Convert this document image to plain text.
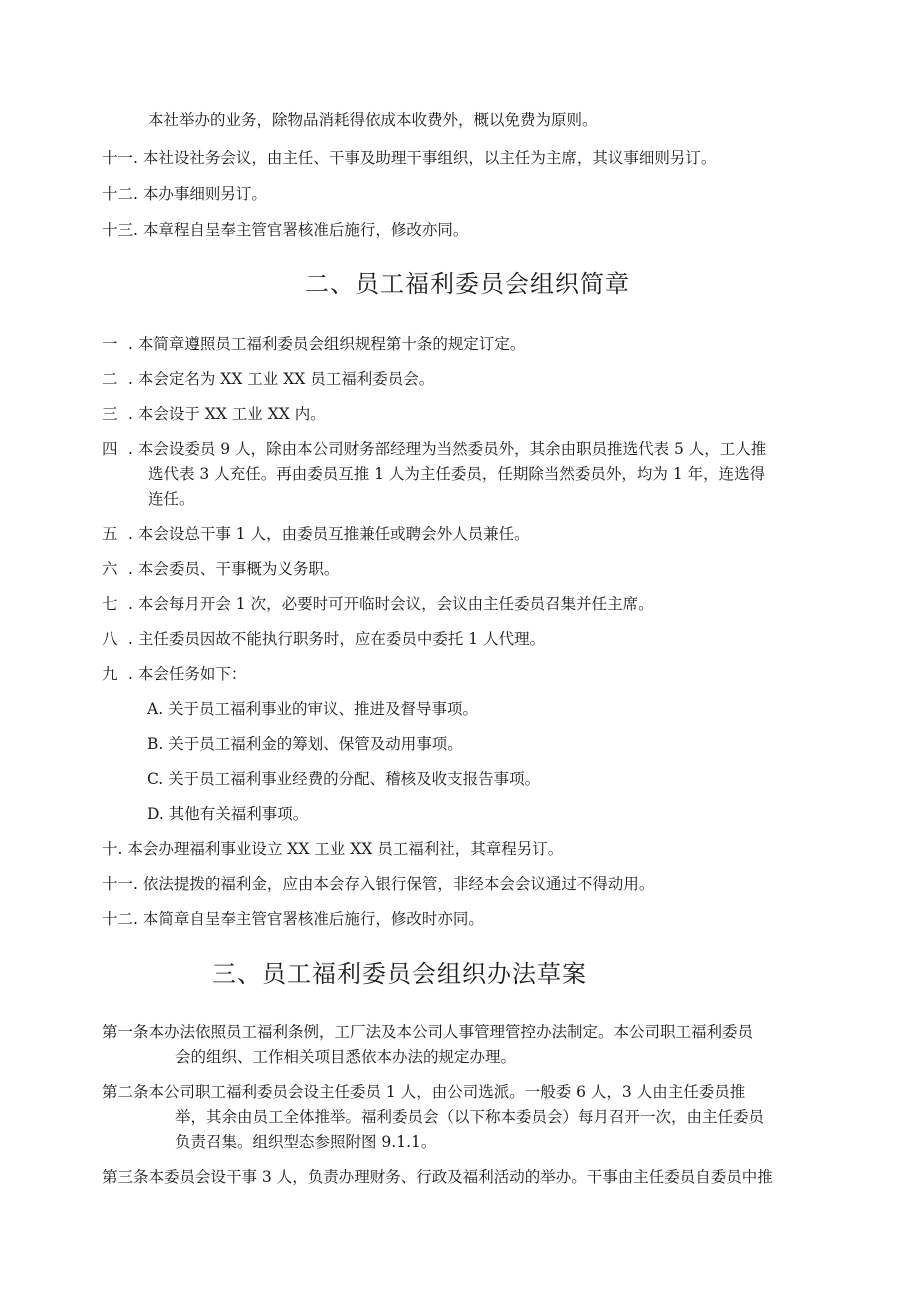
本社举办的业务，除物品消耗得依成本收费外，概以免费为原则。
十一. 本社设社务会议，由主任、干事及助理干事组织，以主任为主席，其议事细则另订。
十二. 本办事细则另订。
十三. 本章程自呈奉主管官署核准后施行，修改亦同。
二、员工福利委员会组织简章
一 . 本简章遵照员工福利委员会组织规程第十条的规定订定。
二 . 本会定名为 XX 工业 XX 员工福利委员会。
三 . 本会设于 XX 工业 XX 内。
四 . 本会设委员 9 人，除由本公司财务部经理为当然委员外，其余由职员推选代表 5 人，工人推
选代表 3 人充任。再由委员互推 1 人为主任委员，任期除当然委员外，均为 1 年，连选得
连任。
五 . 本会设总干事 1 人，由委员互推兼任或聘会外人员兼任。
六 . 本会委员、干事概为义务职。
七 . 本会每月开会 1 次，必要时可开临时会议，会议由主任委员召集并任主席。
八 . 主任委员因故不能执行职务时，应在委员中委托 1 人代理。
九 . 本会任务如下：
A. 关于员工福利事业的审议、推进及督导事项。
B. 关于员工福利金的筹划、保管及动用事项。
C. 关于员工福利事业经费的分配、稽核及收支报告事项。
D. 其他有关福利事项。
十. 本会办理福利事业设立 XX 工业 XX 员工福利社，其章程另订。
十一. 依法提拨的福利金，应由本会存入银行保管，非经本会会议通过不得动用。
十二. 本简章自呈奉主管官署核准后施行，修改时亦同。
三、员工福利委员会组织办法草案
第一条本办法依照员工福利条例，工厂法及本公司人事管理管控办法制定。本公司职工福利委员
会的组织、工作相关项目悉依本办法的规定办理。
第二条本公司职工福利委员会设主任委员 1 人，由公司选派。一般委 6 人，3 人由主任委员推
举，其余由员工全体推举。福利委员会（以下称本委员会）每月召开一次，由主任委员
负责召集。组织型态参照附图 9.1.1。
第三条本委员会设干事 3 人，负责办理财务、行政及福利活动的举办。干事由主任委员自委员中推
